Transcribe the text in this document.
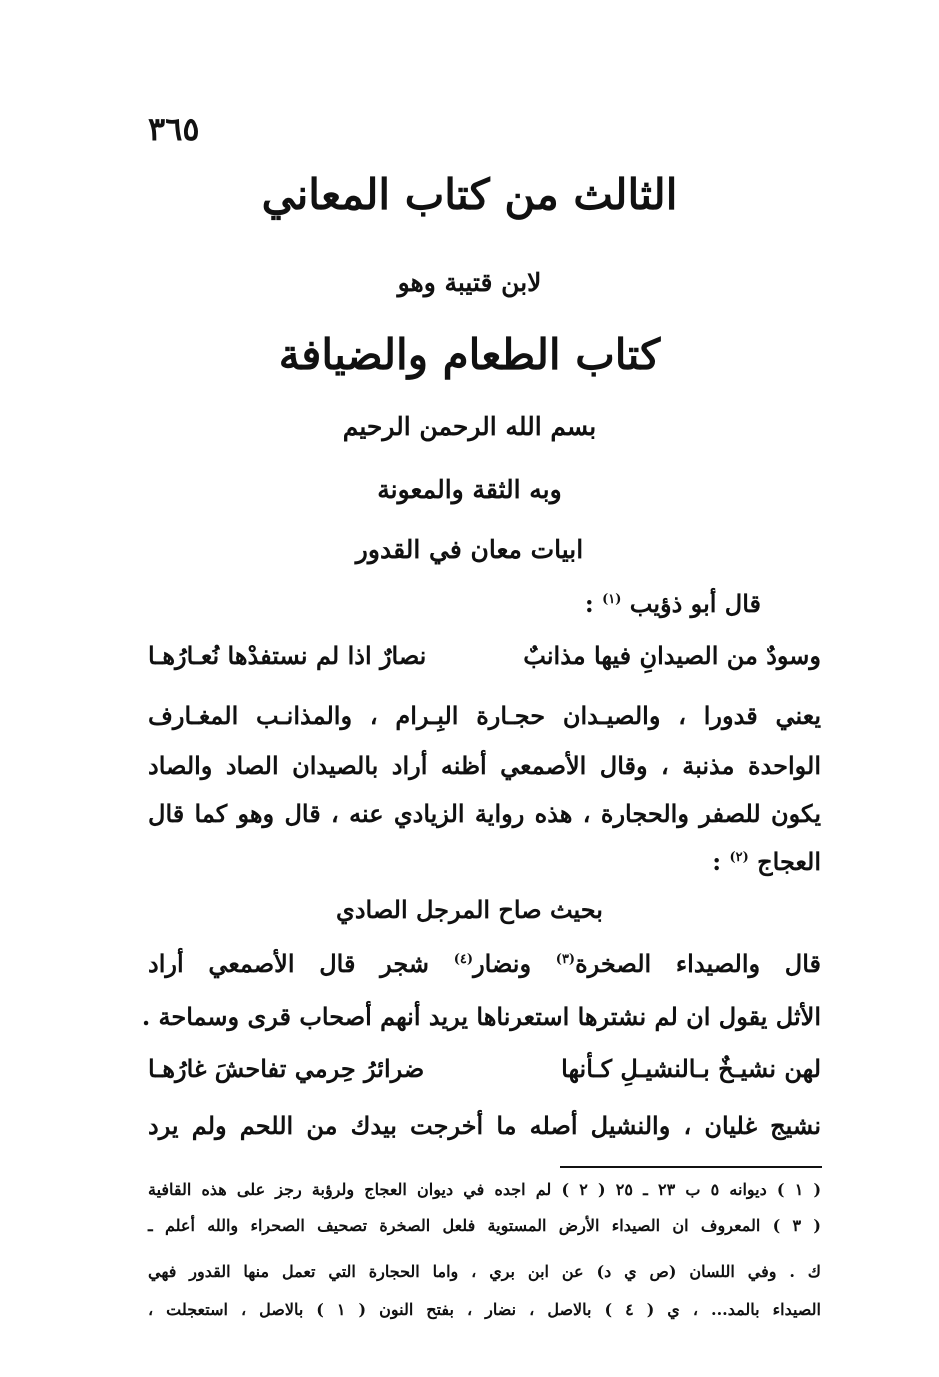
٣٦٥
الثالث من كتاب المعاني
لابن قتيبة وهو
كتاب الطعام والضيافة
بسم الله الرحمن الرحيم
وبه الثقة والمعونة
ابيات معان في القدور
قال أبو ذؤيب $^{(١)}$ :
وسودٌ من الصيدانِ فيها مذانبٌ
نصارٌ اذا لم نستفدْها نُعـارُهـا
يعني قدورا ، والصيـدان حجـارة البِـرام ، والمذانـب المغـارف
الواحدة مذنبة ، وقال الأصمعي أظنه أراد بالصيدان الصاد والصاد
يكون للصفر والحجارة ، هذه رواية الزيادي عنه ، قال وهو كما قال
العجاج $^{(٢)}$ :
بحيث صاح المرجل الصادي
قال والصيداء الصخرة$^{(٣)}$ ونضار$^{(٤)}$ شجر قال الأصمعي أراد
الأثل يقول ان لم نشترها استعرناها يريد أنهم أصحاب قرى وسماحة .
لهن نشيـخٌ بـالنشيـلِ كـأنها
ضرائرُ حِرمي تفاحشَ غارُهـا
نشيج غليان ، والنشيل أصله ما أخرجت بيدك من اللحم ولم يرد
( ١ ) ديوانه ٥ ب ٢٣ ـ ٢٥ ( ٢ ) لم اجده في ديوان العجاج ولرؤبة رجز على هذه القافية
( ٣ ) المعروف ان الصيداء الأرض المستوية فلعل الصخرة تصحيف الصحراء والله أعلم ـ
ك . وفي اللسان (ص ي د) عن ابن بري ، واما الحجارة التي تعمل منها القدور فهي
الصيداء بالمد... ، ي ( ٤ ) بالاصل ، نضار ، بفتح النون ( ١ ) بالاصل ، استعجلت ،
